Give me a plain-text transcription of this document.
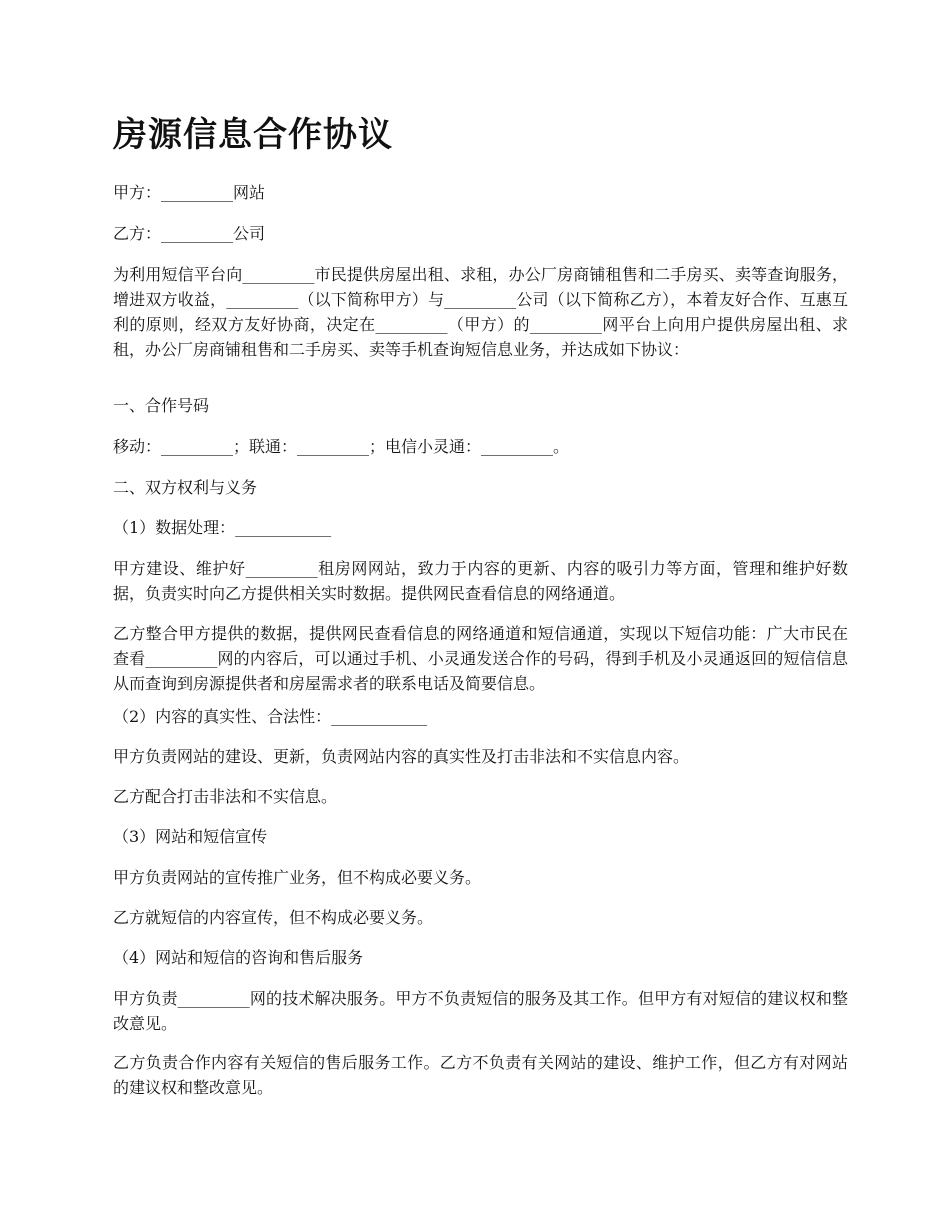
房源信息合作协议

甲方：_________网站

乙方：_________公司

为利用短信平台向_________市民提供房屋出租、求租，办公厂房商铺租售和二手房买、卖等查询服务，增进双方收益，_________（以下简称甲方）与_________公司（以下简称乙方），本着友好合作、互惠互利的原则，经双方友好协商，决定在_________（甲方）的_________网平台上向用户提供房屋出租、求租，办公厂房商铺租售和二手房买、卖等手机查询短信息业务，并达成如下协议：

一、合作号码

移动：_________；联通：_________；电信小灵通：_________。

二、双方权利与义务

（1）数据处理：____________

甲方建设、维护好_________租房网网站，致力于内容的更新、内容的吸引力等方面，管理和维护好数据，负责实时向乙方提供相关实时数据。提供网民查看信息的网络通道。

乙方整合甲方提供的数据，提供网民查看信息的网络通道和短信通道，实现以下短信功能：广大市民在查看_________网的内容后，可以通过手机、小灵通发送合作的号码，得到手机及小灵通返回的短信信息从而查询到房源提供者和房屋需求者的联系电话及简要信息。

（2）内容的真实性、合法性：____________

甲方负责网站的建设、更新，负责网站内容的真实性及打击非法和不实信息内容。

乙方配合打击非法和不实信息。

（3）网站和短信宣传

甲方负责网站的宣传推广业务，但不构成必要义务。

乙方就短信的内容宣传，但不构成必要义务。

（4）网站和短信的咨询和售后服务

甲方负责_________网的技术解决服务。甲方不负责短信的服务及其工作。但甲方有对短信的建议权和整改意见。

乙方负责合作内容有关短信的售后服务工作。乙方不负责有关网站的建设、维护工作，但乙方有对网站的建议权和整改意见。
